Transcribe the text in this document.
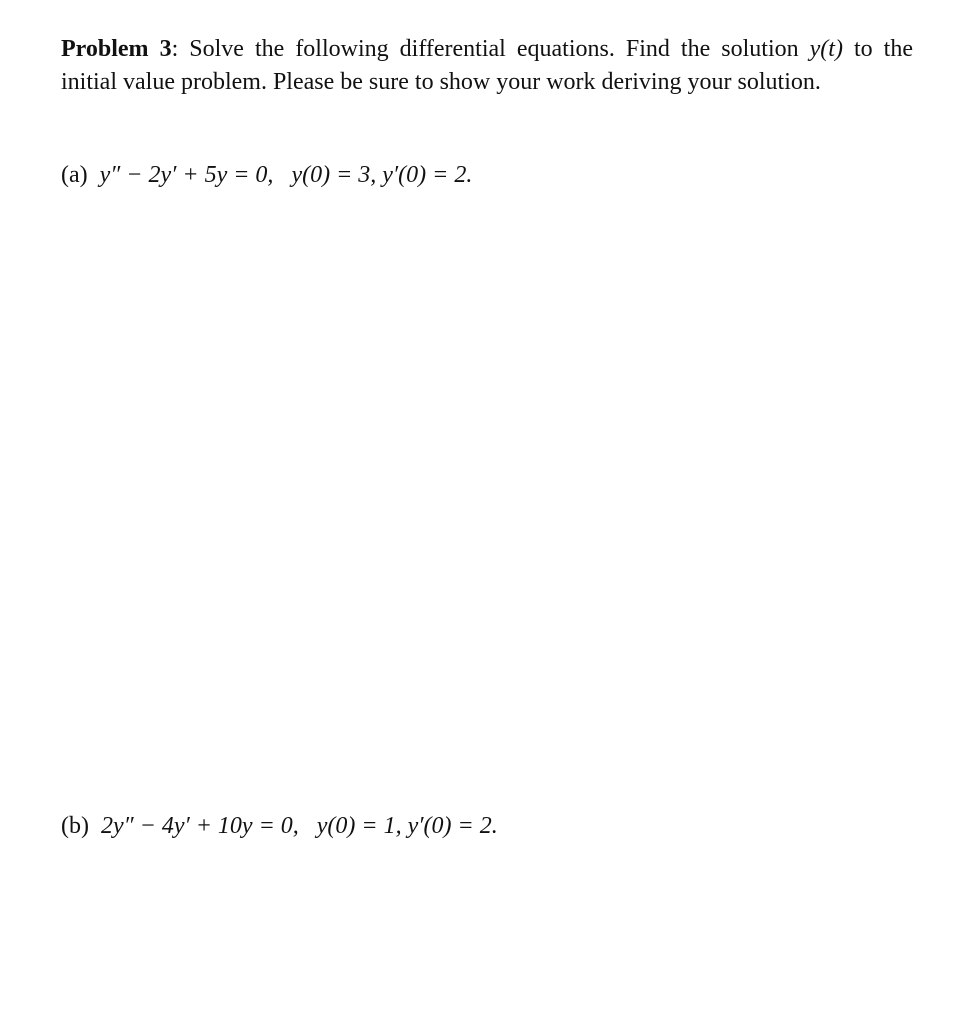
Problem 3: Solve the following differential equations. Find the solution y(t) to the initial value problem. Please be sure to show your work deriving your solution.
(a) y″ − 2y′ + 5y = 0, y(0) = 3, y′(0) = 2.
(b) 2y″ − 4y′ + 10y = 0, y(0) = 1, y′(0) = 2.
